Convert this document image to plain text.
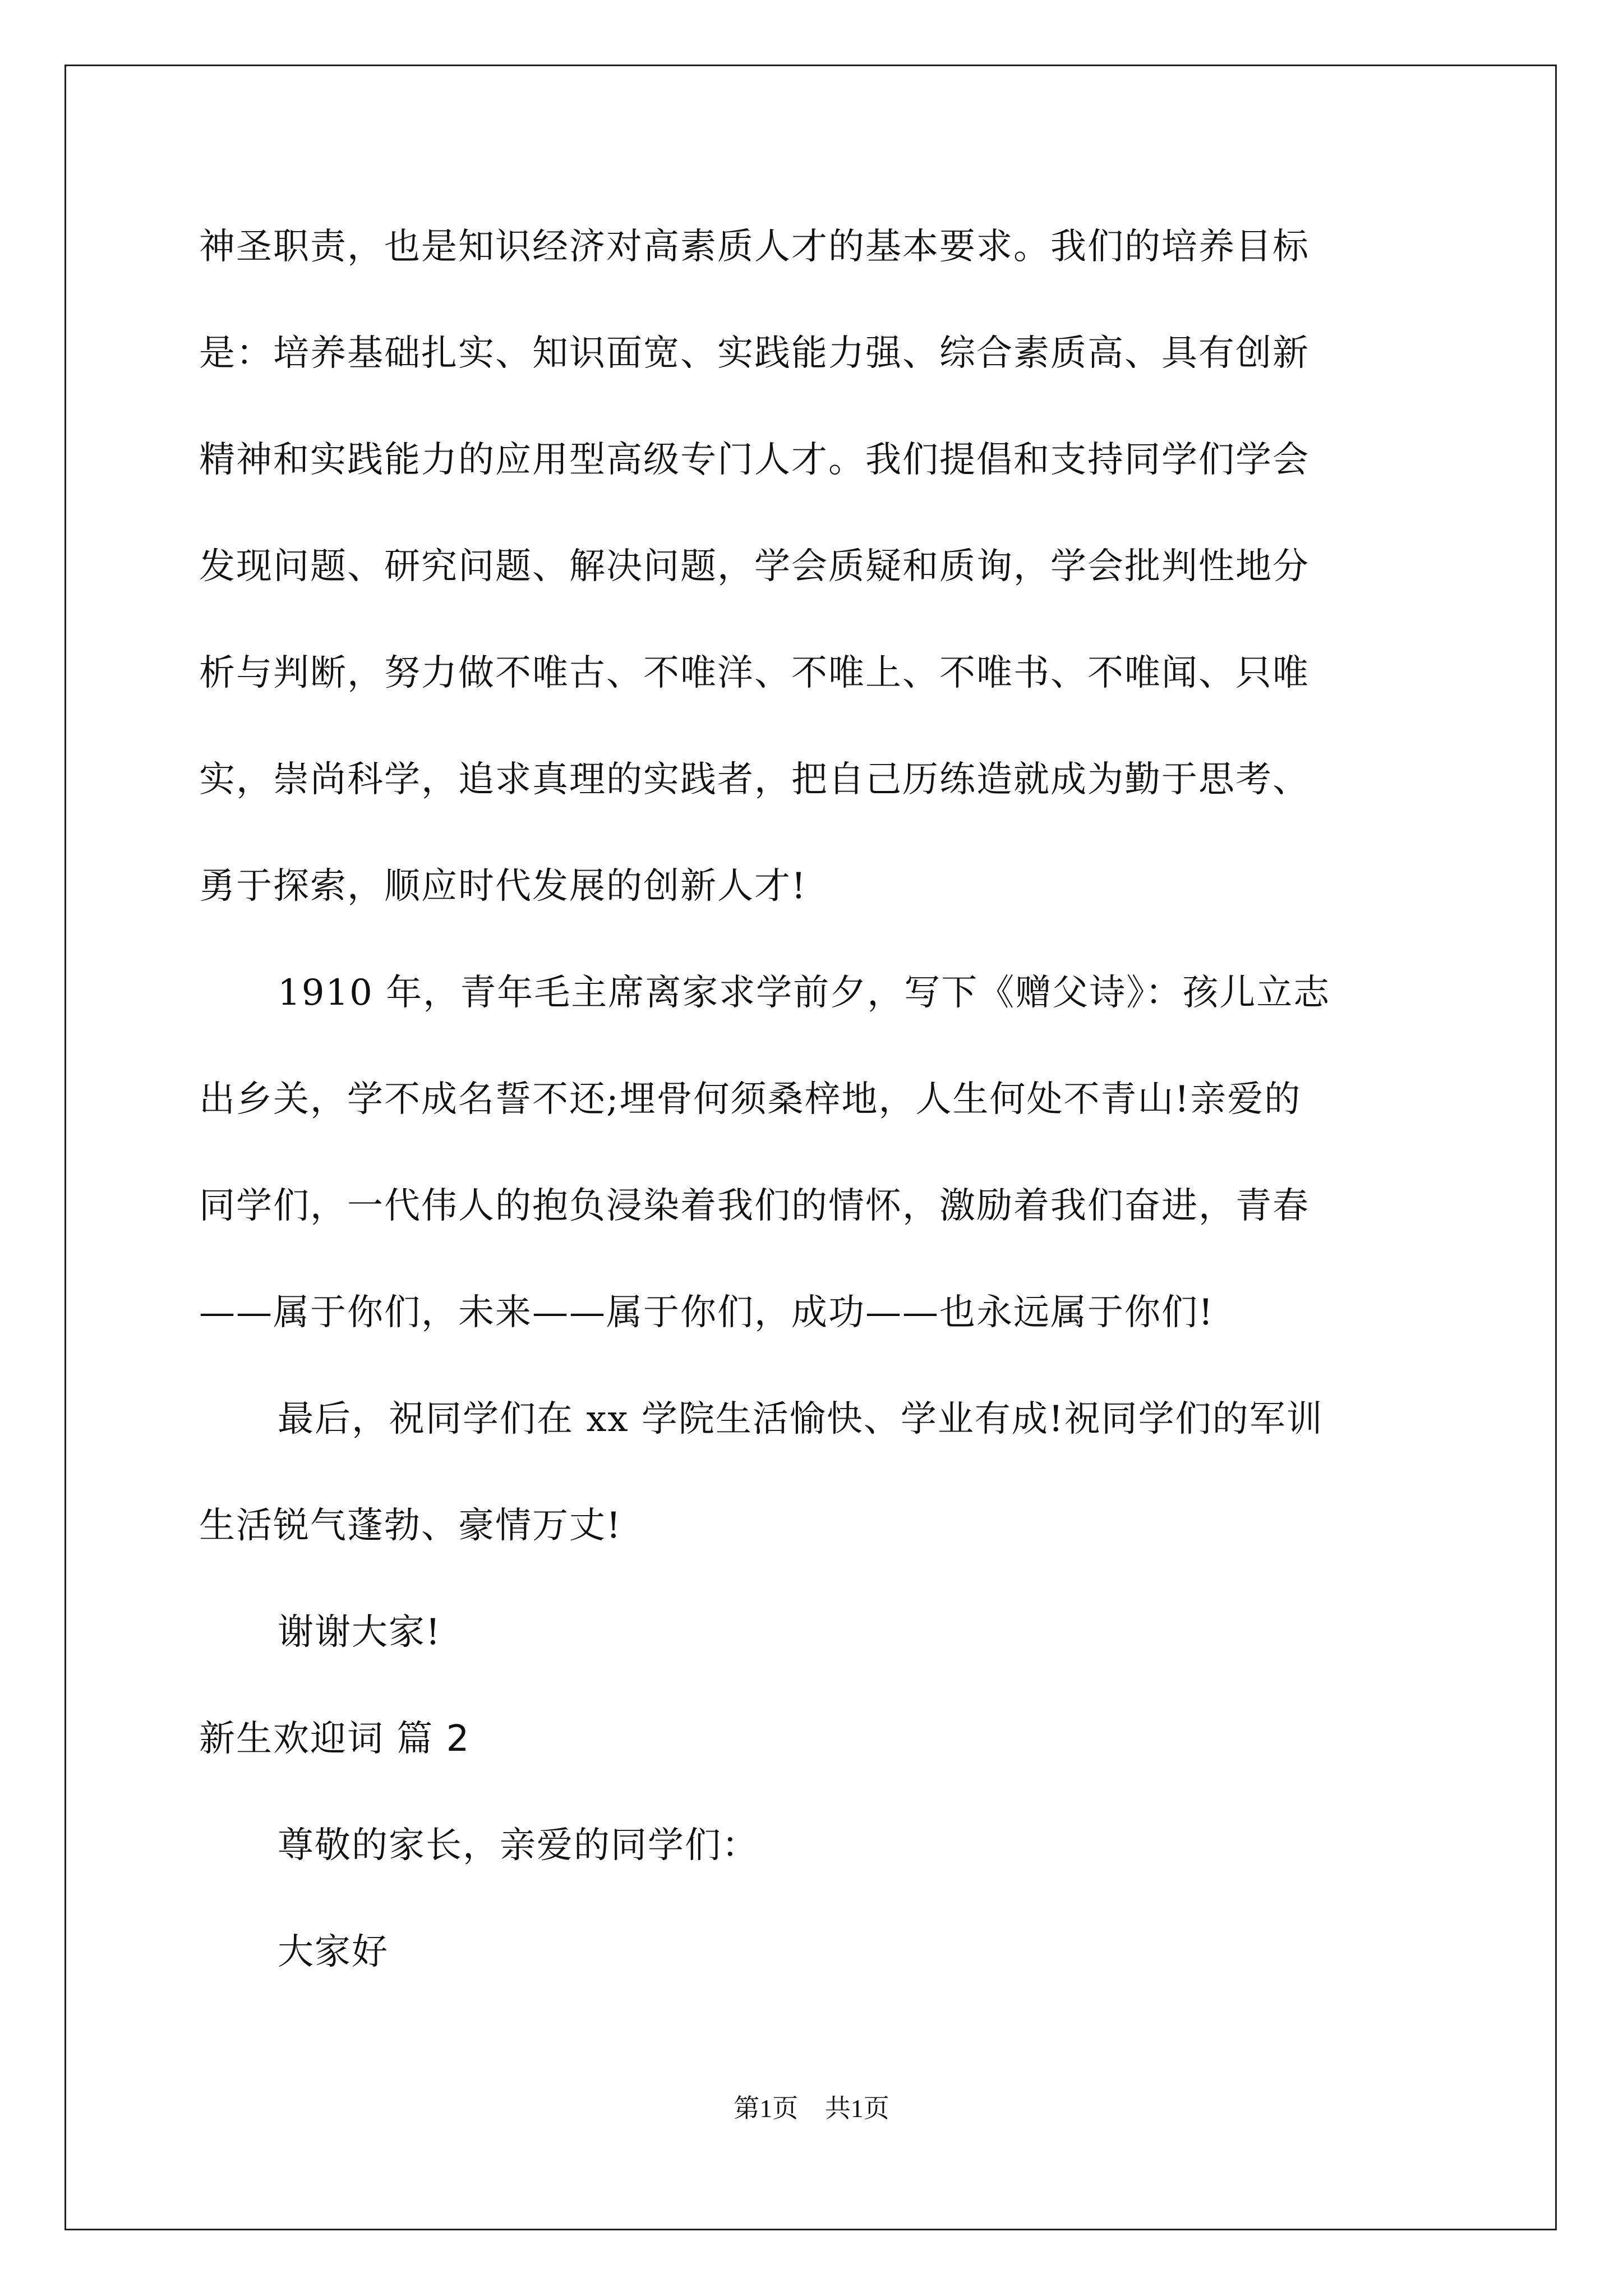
神圣职责，也是知识经济对高素质人才的基本要求。我们的培养目标

是：培养基础扎实、知识面宽、实践能力强、综合素质高、具有创新

精神和实践能力的应用型高级专门人才。我们提倡和支持同学们学会

发现问题、研究问题、解决问题，学会质疑和质询，学会批判性地分

析与判断，努力做不唯古、不唯洋、不唯上、不唯书、不唯闻、只唯

实，崇尚科学，追求真理的实践者，把自己历练造就成为勤于思考、

勇于探索，顺应时代发展的创新人才!

1910 年，青年毛主席离家求学前夕，写下《赠父诗》：孩儿立志

出乡关，学不成名誓不还;埋骨何须桑梓地，人生何处不青山!亲爱的

同学们，一代伟人的抱负浸染着我们的情怀，激励着我们奋进，青春

——属于你们，未来——属于你们，成功——也永远属于你们!

最后，祝同学们在 xx 学院生活愉快、学业有成!祝同学们的军训

生活锐气蓬勃、豪情万丈!

谢谢大家!

新生欢迎词 篇 2

尊敬的家长，亲爱的同学们：

大家好

第1页 共1页
